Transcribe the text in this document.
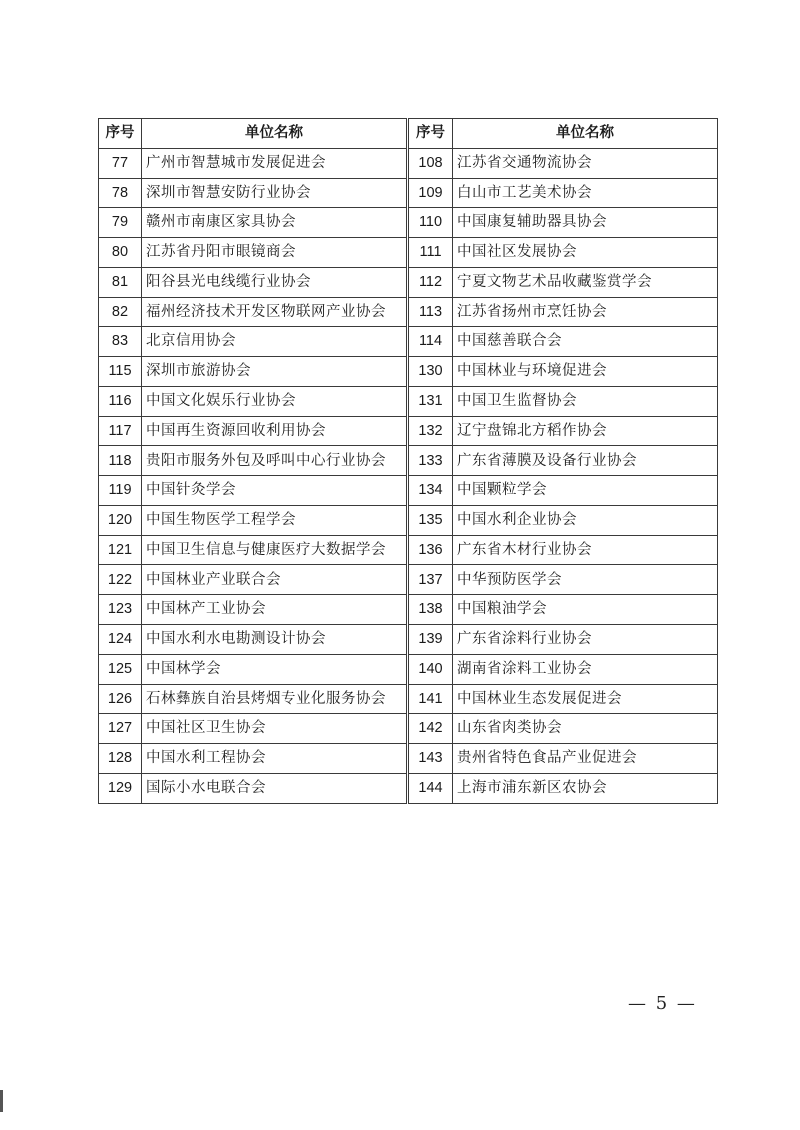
序号	单位名称	序号	单位名称
77	广州市智慧城市发展促进会	108	江苏省交通物流协会
78	深圳市智慧安防行业协会	109	白山市工艺美术协会
79	赣州市南康区家具协会	110	中国康复辅助器具协会
80	江苏省丹阳市眼镜商会	111	中国社区发展协会
81	阳谷县光电线缆行业协会	112	宁夏文物艺术品收藏鉴赏学会
82	福州经济技术开发区物联网产业协会	113	江苏省扬州市烹饪协会
83	北京信用协会	114	中国慈善联合会
115	深圳市旅游协会	130	中国林业与环境促进会
116	中国文化娱乐行业协会	131	中国卫生监督协会
117	中国再生资源回收利用协会	132	辽宁盘锦北方稻作协会
118	贵阳市服务外包及呼叫中心行业协会	133	广东省薄膜及设备行业协会
119	中国针灸学会	134	中国颗粒学会
120	中国生物医学工程学会	135	中国水利企业协会
121	中国卫生信息与健康医疗大数据学会	136	广东省木材行业协会
122	中国林业产业联合会	137	中华预防医学会
123	中国林产工业协会	138	中国粮油学会
124	中国水利水电勘测设计协会	139	广东省涂料行业协会
125	中国林学会	140	湖南省涂料工业协会
126	石林彝族自治县烤烟专业化服务协会	141	中国林业生态发展促进会
127	中国社区卫生协会	142	山东省肉类协会
128	中国水利工程协会	143	贵州省特色食品产业促进会
129	国际小水电联合会	144	上海市浦东新区农协会
— 5 —
